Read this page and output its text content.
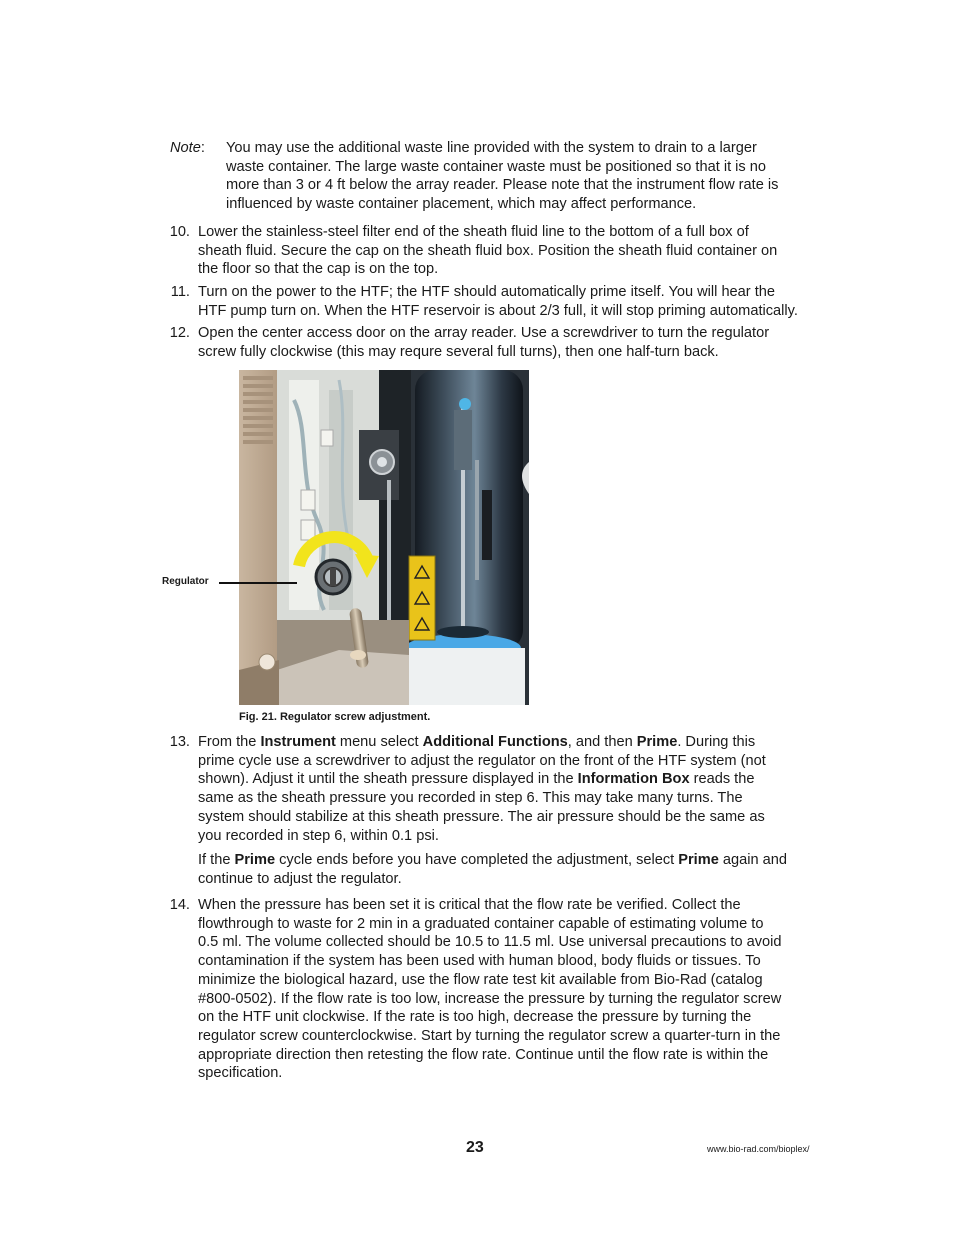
Note: You may use the additional waste line provided with the system to drain to a larger
waste container. The large waste container waste must be positioned so that it is no
more than 3 or 4 ft below the array reader. Please note that the instrument flow rate is
influenced by waste container placement, which may affect performance.
10. Lower the stainless-steel filter end of the sheath fluid line to the bottom of a full box of
sheath fluid. Secure the cap on the sheath fluid box. Position the sheath fluid container on
the floor so that the cap is on the top.
11. Turn on the power to the HTF; the HTF should automatically prime itself. You will hear the
HTF pump turn on. When the HTF reservoir is about 2/3 full, it will stop priming automatically.
12. Open the center access door on the array reader. Use a screwdriver to turn the regulator
screw fully clockwise (this may requre several full turns), then one half-turn back.
Regulator
Fig. 21. Regulator screw adjustment.
13. From the Instrument menu select Additional Functions, and then Prime. During this
prime cycle use a screwdriver to adjust the regulator on the front of the HTF system (not
shown). Adjust it until the sheath pressure displayed in the Information Box reads the
same as the sheath pressure you recorded in step 6. This may take many turns. The
system should stabilize at this sheath pressure. The air pressure should be the same as
you recorded in step 6, within 0.1 psi.
If the Prime cycle ends before you have completed the adjustment, select Prime again and
continue to adjust the regulator.
14. When the pressure has been set it is critical that the flow rate be verified. Collect the
flowthrough to waste for 2 min in a graduated container capable of estimating volume to
0.5 ml. The volume collected should be 10.5 to 11.5 ml. Use universal precautions to avoid
contamination if the system has been used with human blood, body fluids or tissues. To
minimize the biological hazard, use the flow rate test kit available from Bio-Rad (catalog
#800-0502). If the flow rate is too low, increase the pressure by turning the regulator screw
on the HTF unit clockwise. If the rate is too high, decrease the pressure by turning the
regulator screw counterclockwise. Start by turning the regulator screw a quarter-turn in the
appropriate direction then retesting the flow rate. Continue until the flow rate is within the
specification.
23	www.bio-rad.com/bioplex/
